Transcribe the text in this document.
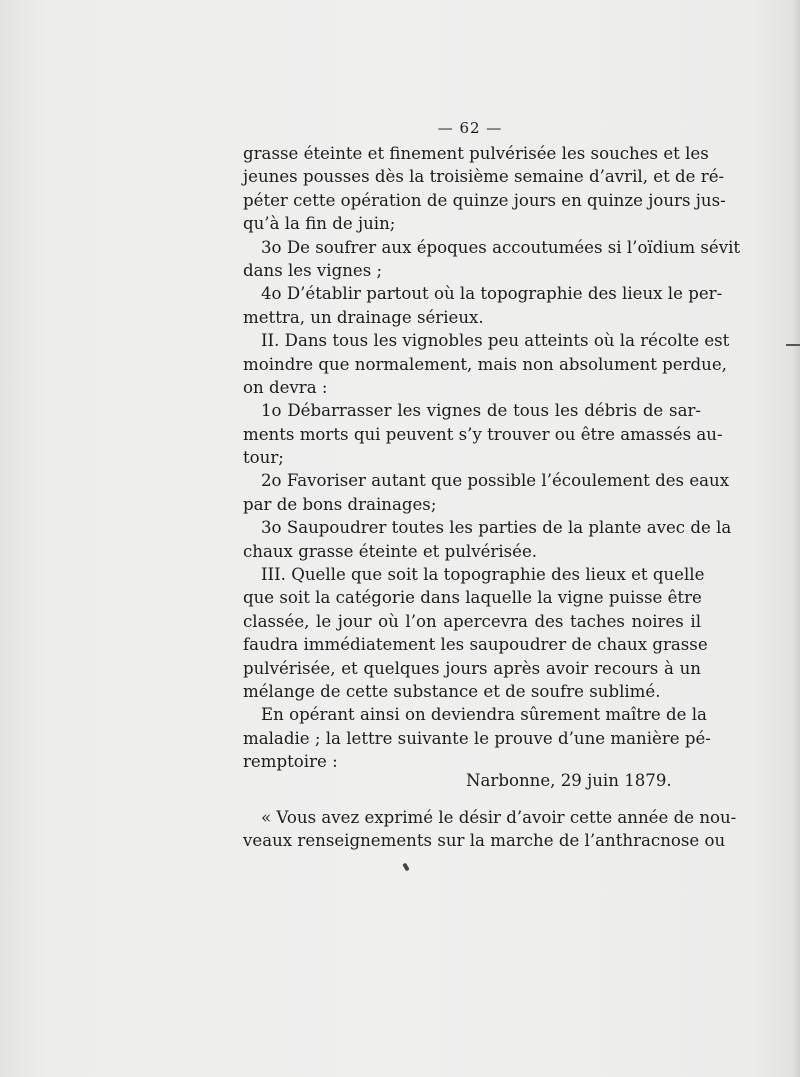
— 62 —
grasse éteinte et finement pulvérisée les souches et les
jeunes pousses dès la troisième semaine d’avril, et de ré-
péter cette opération de quinze jours en quinze jours jus-
qu’à la fin de juin;
3o De soufrer aux époques accoutumées si l’oïdium sévit
dans les vignes ;
4o D’établir partout où la topographie des lieux le per-
mettra, un drainage sérieux.
II. Dans tous les vignobles peu atteints où la récolte est
moindre que normalement, mais non absolument perdue,
on devra :
1o Débarrasser les vignes de tous les débris de sar-
ments morts qui peuvent s’y trouver ou être amassés au-
tour;
2o Favoriser autant que possible l’écoulement des eaux
par de bons drainages;
3o Saupoudrer toutes les parties de la plante avec de la
chaux grasse éteinte et pulvérisée.
III. Quelle que soit la topographie des lieux et quelle
que soit la catégorie dans laquelle la vigne puisse être
classée, le jour où l’on apercevra des taches noires il
faudra immédiatement les saupoudrer de chaux grasse
pulvérisée, et quelques jours après avoir recours à un
mélange de cette substance et de soufre sublimé.
En opérant ainsi on deviendra sûrement maître de la
maladie ; la lettre suivante le prouve d’une manière pé-
remptoire :
Narbonne, 29 juin 1879.
« Vous avez exprimé le désir d’avoir cette année de nou-
veaux renseignements sur la marche de l’anthracnose ou
